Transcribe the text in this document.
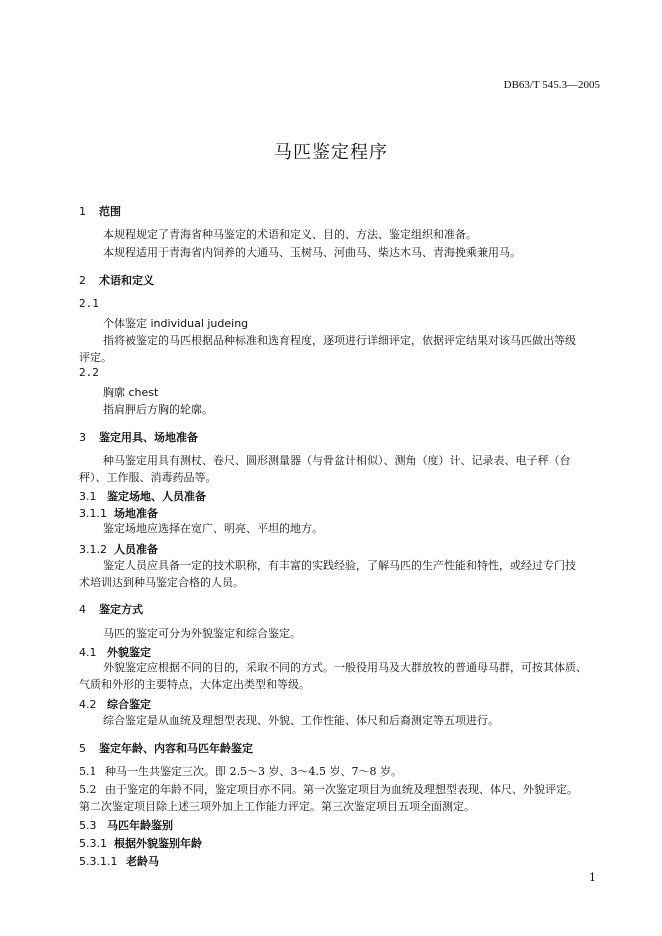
DB63/T 545.3—2005
马匹鉴定程序
1 范围
本规程规定了青海省种马鉴定的术语和定义、目的、方法、鉴定组织和准备。
本规程适用于青海省内饲养的大通马、玉树马、河曲马、柴达木马、青海挽乘兼用马。
2 术语和定义
2.1
个体鉴定 individual judeing
指将被鉴定的马匹根据品种标准和选育程度，逐项进行详细评定，依据评定结果对该马匹做出等级
评定。
2.2
胸廓 chest
指肩胛后方胸的轮廓。
3 鉴定用具、场地准备
种马鉴定用具有测杖、卷尺、圆形测量器（与骨盆计相似）、测角（度）计、记录表、电子秤（台
秤）、工作服、消毒药品等。
3.1 鉴定场地、人员准备
3.1.1 场地准备
鉴定场地应选择在宽广、明亮、平坦的地方。
3.1.2 人员准备
鉴定人员应具备一定的技术职称，有丰富的实践经验，了解马匹的生产性能和特性，或经过专门技
术培训达到种马鉴定合格的人员。
4 鉴定方式
马匹的鉴定可分为外貌鉴定和综合鉴定。
4.1 外貌鉴定
外貌鉴定应根据不同的目的，采取不同的方式。一般役用马及大群放牧的普通母马群，可按其体质、
气质和外形的主要特点，大体定出类型和等级。
4.2 综合鉴定
综合鉴定是从血统及理想型表现、外貌、工作性能、体尺和后裔测定等五项进行。
5 鉴定年龄、内容和马匹年龄鉴定
5.1 种马一生共鉴定三次。即 2.5～3 岁、3～4.5 岁、7～8 岁。
5.2 由于鉴定的年龄不同，鉴定项目亦不同。第一次鉴定项目为血统及理想型表现、体尺、外貌评定。
第二次鉴定项目除上述三项外加上工作能力评定。第三次鉴定项目五项全面测定。
5.3 马匹年龄鉴别
5.3.1 根据外貌鉴别年龄
5.3.1.1 老龄马
1
